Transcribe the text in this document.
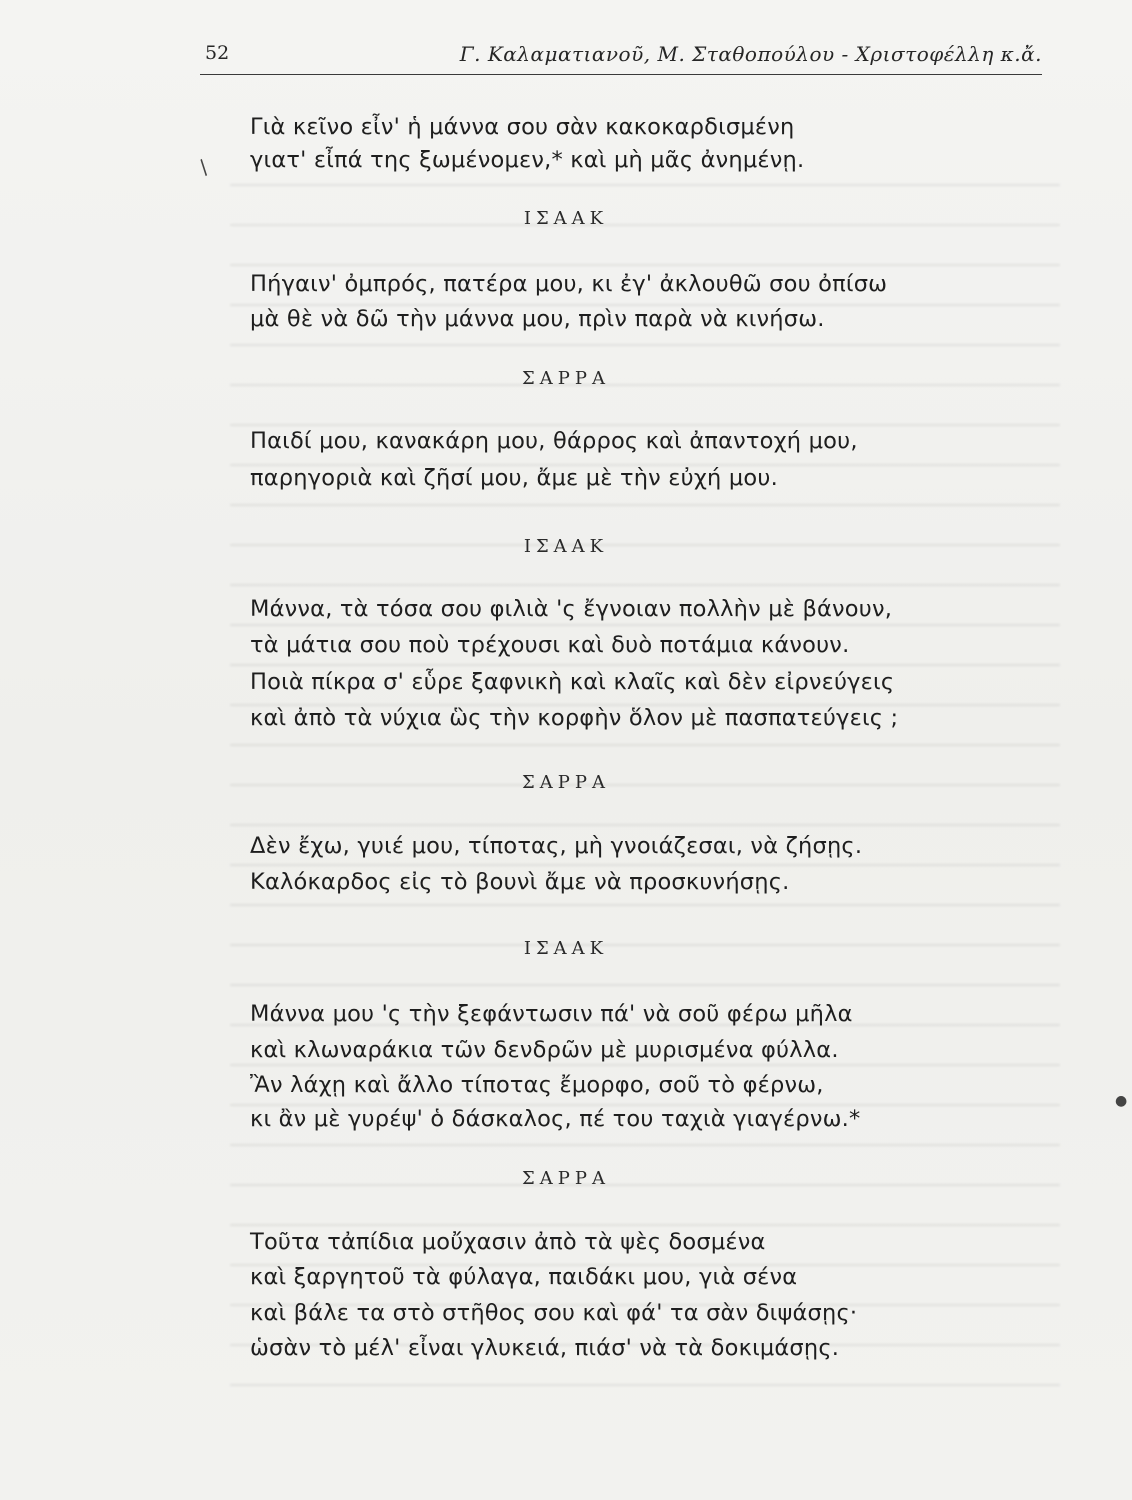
52	Γ. Καλαματιανοῦ, Μ. Σταθοπούλου - Χριστοφέλλη κ.ἄ.
Γιὰ κεῖνο εἶν' ἡ μάννα σου σὰν κακοκαρδισμένη
γιατ' εἶπά της ξωμένομεν,* καὶ μὴ μᾶς ἀνημένῃ.
ΙΣΑΑΚ
Πήγαιν' ὀμπρός, πατέρα μου, κι ἐγ' ἀκλουθῶ σου ὀπίσω
μὰ θὲ νὰ δῶ τὴν μάννα μου, πρὶν παρὰ νὰ κινήσω.
ΣΑΡΡΑ
Παιδί μου, κανακάρη μου, θάρρος καὶ ἀπαντοχή μου,
παρηγοριὰ καὶ ζῆσί μου, ἄμε μὲ τὴν εὐχή μου.
ΙΣΑΑΚ
Μάννα, τὰ τόσα σου φιλιὰ 'ς ἔγνοιαν πολλὴν μὲ βάνουν,
τὰ μάτια σου ποὺ τρέχουσι καὶ δυὸ ποτάμια κάνουν.
Ποιὰ πίκρα σ' εὗρε ξαφνικὴ καὶ κλαῖς καὶ δὲν εἰρνεύγεις
καὶ ἀπὸ τὰ νύχια ὣς τὴν κορφὴν ὅλον μὲ πασπατεύγεις ;
ΣΑΡΡΑ
Δὲν ἔχω, γυιέ μου, τίποτας, μὴ γνοιάζεσαι, νὰ ζήσῃς.
Καλόκαρδος εἰς τὸ βουνὶ ἄμε νὰ προσκυνήσῃς.
ΙΣΑΑΚ
Μάννα μου 'ς τὴν ξεφάντωσιν πά' νὰ σοῦ φέρω μῆλα
καὶ κλωναράκια τῶν δενδρῶν μὲ μυρισμένα φύλλα.
Ἂν λάχῃ καὶ ἄλλο τίποτας ἔμορφο, σοῦ τὸ φέρνω,
κι ἂν μὲ γυρέψ' ὁ δάσκαλος, πέ του ταχιὰ γιαγέρνω.*
ΣΑΡΡΑ
Τοῦτα τἀπίδια μοὔχασιν ἀπὸ τὰ ψὲς δοσμένα
καὶ ξαργητοῦ τὰ φύλαγα, παιδάκι μου, γιὰ σένα
καὶ βάλε τα στὸ στῆθος σου καὶ φά' τα σὰν διψάσῃς·
ὡσὰν τὸ μέλ' εἶναι γλυκειά, πιάσ' νὰ τὰ δοκιμάσῃς.
/
●
